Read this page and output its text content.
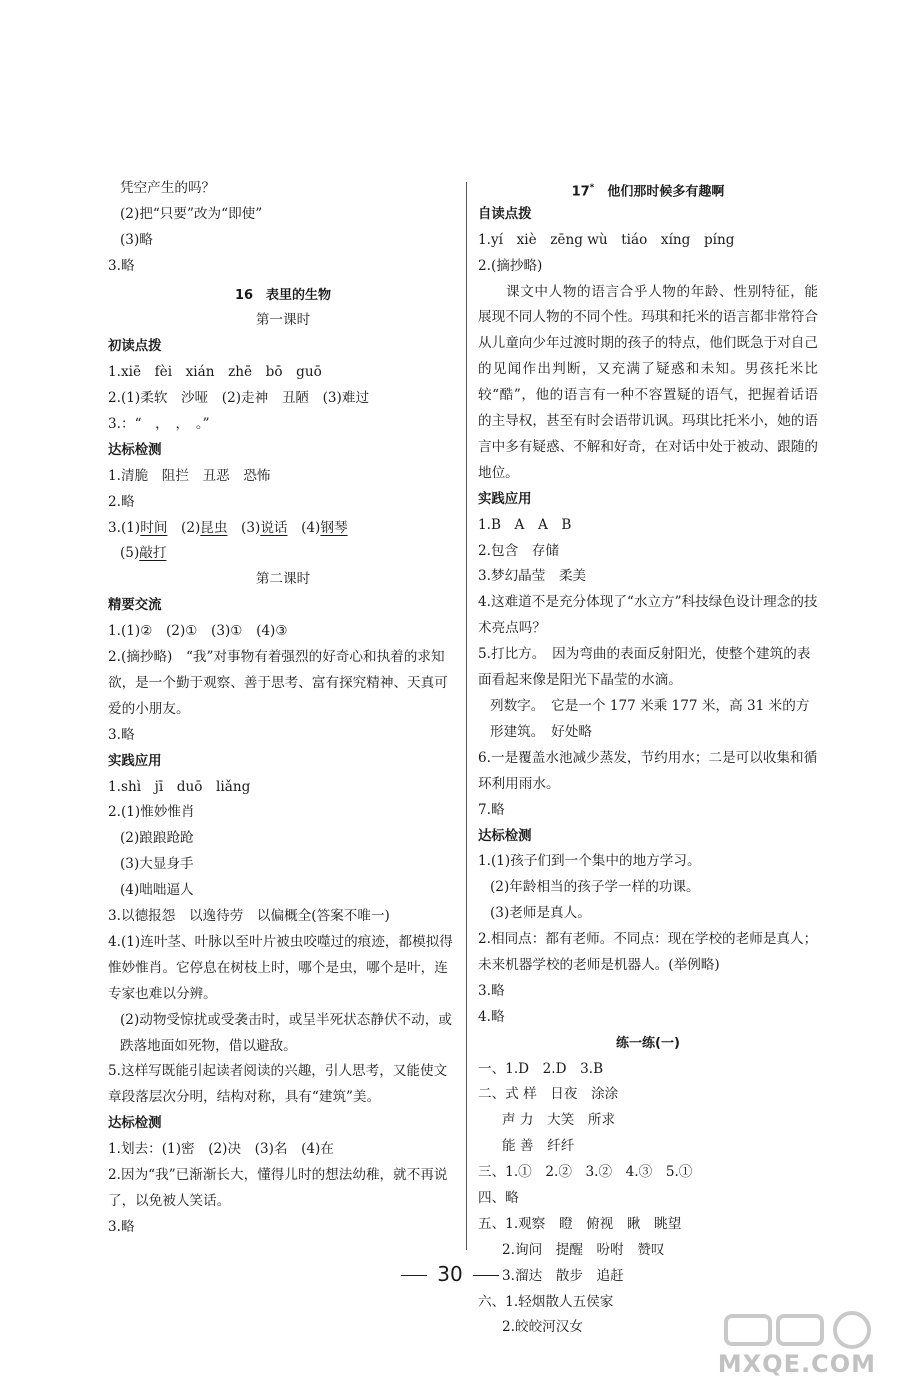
凭空产生的吗？
(2)把“只要”改为“即使”
(3)略
3.略
16　表里的生物
第一课时
初读点拨
1.xiē　fèi　xián　zhē　bō　guō
2.(1)柔软　沙哑　(2)走神　丑陋　(3)难过
3.：“　，　，　。”
达标检测
1.清脆　阻拦　丑恶　恐怖
2.略
3.(1)时间　(2)昆虫　(3)说话　(4)钢琴
(5)敲打
第二课时
精要交流
1.(1)②　(2)①　(3)①　(4)③
2.(摘抄略)　“我”对事物有着强烈的好奇心和执着的求知欲，是一个勤于观察、善于思考、富有探究精神、天真可爱的小朋友。
3.略
实践应用
1.shì　jī　duō　liǎng
2.(1)惟妙惟肖
(2)踉踉跄跄
(3)大显身手
(4)咄咄逼人
3.以德报怨　以逸待劳　以偏概全(答案不唯一)
4.(1)连叶茎、叶脉以至叶片被虫咬噬过的痕迹，都模拟得惟妙惟肖。它停息在树枝上时，哪个是虫，哪个是叶，连专家也难以分辨。
(2)动物受惊扰或受袭击时，或呈半死状态静伏不动，或跌落地面如死物，借以避敌。
5.这样写既能引起读者阅读的兴趣，引人思考，又能使文章段落层次分明，结构对称，具有“建筑”美。
达标检测
1.划去：(1)密　(2)决　(3)名　(4)在
2.因为“我”已渐渐长大，懂得儿时的想法幼稚，就不再说了，以免被人笑话。
3.略
17*　 他们那时候多有趣啊
自读点拨
1.yí　xiè　zēng wù　tiáo　xíng　píng
2.(摘抄略)
课文中人物的语言合乎人物的年龄、性别特征，能展现不同人物的不同个性。玛琪和托米的语言都非常符合从儿童向少年过渡时期的孩子的特点，他们既急于对自己的见闻作出判断，又充满了疑惑和未知。男孩托米比较“酷”，他的语言有一种不容置疑的语气，把握着话语的主导权，甚至有时会语带讥讽。玛琪比托米小，她的语言中多有疑惑、不解和好奇，在对话中处于被动、跟随的地位。
实践应用
1.B　A　A　B
2.包含　存储
3.梦幻晶莹　柔美
4.这难道不是充分体现了“水立方”科技绿色设计理念的技术亮点吗？
5.打比方。　因为弯曲的表面反射阳光，使整个建筑的表面看起来像是阳光下晶莹的水滴。
列数字。　它是一个 177 米乘 177 米，高 31 米的方形建筑。　好处略
6.一是覆盖水池减少蒸发，节约用水；二是可以收集和循环利用雨水。
7.略
达标检测
1.(1)孩子们到一个集中的地方学习。
(2)年龄相当的孩子学一样的功课。
(3)老师是真人。
2.相同点：都有老师。不同点：现在学校的老师是真人；未来机器学校的老师是机器人。(举例略)
3.略
4.略
练一练(一)
一、1.D　2.D　3.B
二、式 样　日夜　涂涂
声 力　大笑　所求
能 善　纤纤
三、1.①　2.②　3.②　4.③　5.①
四、略
五、1.观察　瞪　俯视　瞅　眺望
2.询问　提醒　吩咐　赞叹
3.溜达　散步　追赶
六、1.轻烟散人五侯家
2.皎皎河汉女
30
MXQE.COM
